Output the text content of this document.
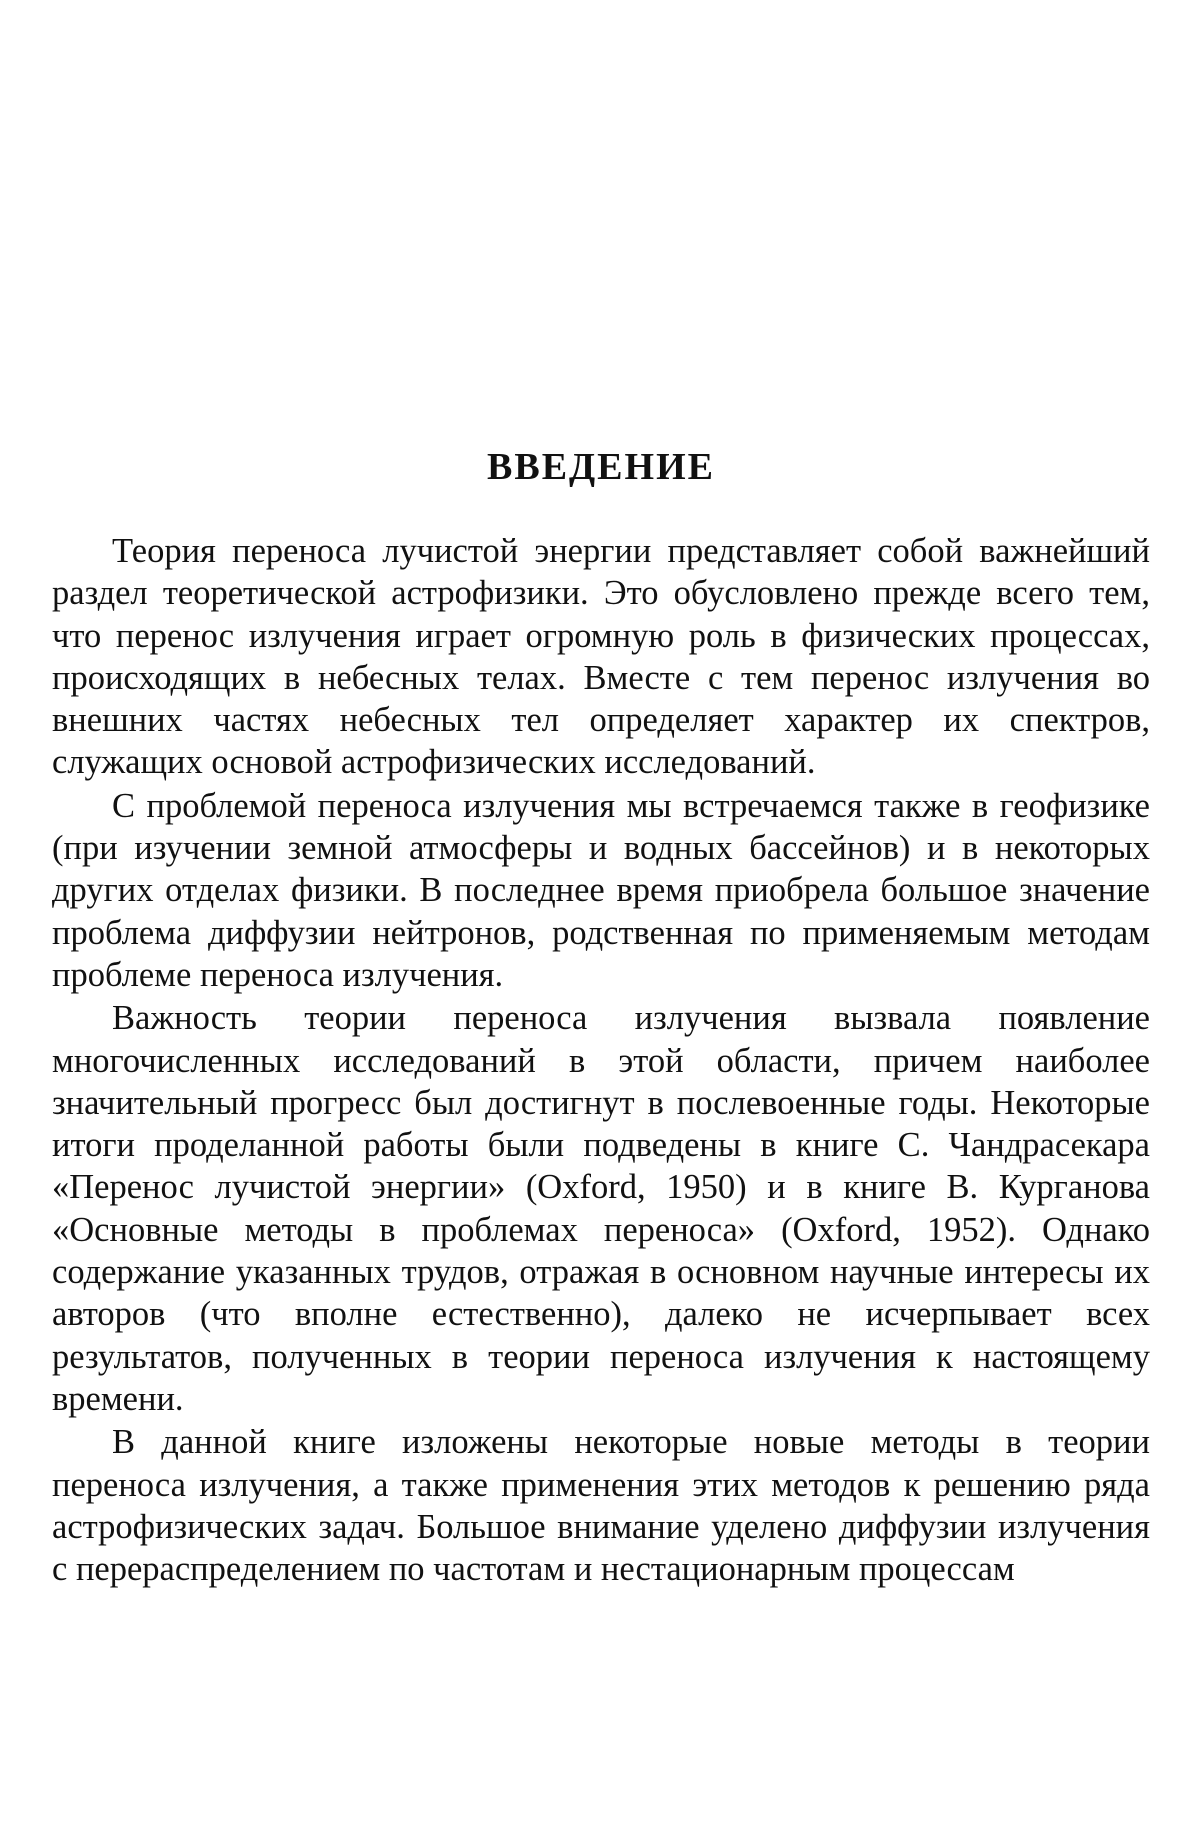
ВВЕДЕНИЕ

Теория переноса лучистой энергии представляет собой важнейший раздел теоретической астрофизики. Это обусловлено прежде всего тем, что перенос излучения играет огромную роль в физических процессах, происходящих в небесных телах. Вместе с тем перенос излучения во внешних частях небесных тел определяет характер их спектров, служащих основой астрофизических исследований.

С проблемой переноса излучения мы встречаемся также в геофизике (при изучении земной атмосферы и водных бассейнов) и в некоторых других отделах физики. В последнее время приобрела большое значение проблема диффузии нейтронов, родственная по применяемым методам проблеме переноса излучения.

Важность теории переноса излучения вызвала появление многочисленных исследований в этой области, причем наиболее значительный прогресс был достигнут в послевоенные годы. Некоторые итоги проделанной работы были подведены в книге С. Чандрасекара «Перенос лучистой энергии» (Oxford, 1950) и в книге В. Курганова «Основные методы в проблемах переноса» (Oxford, 1952). Однако содержание указанных трудов, отражая в основном научные интересы их авторов (что вполне естественно), далеко не исчерпывает всех результатов, полученных в теории переноса излучения к настоящему времени.

В данной книге изложены некоторые новые методы в теории переноса излучения, а также применения этих методов к решению ряда астрофизических задач. Большое внимание уделено диффузии излучения с перераспределением по частотам и нестационарным процессам
